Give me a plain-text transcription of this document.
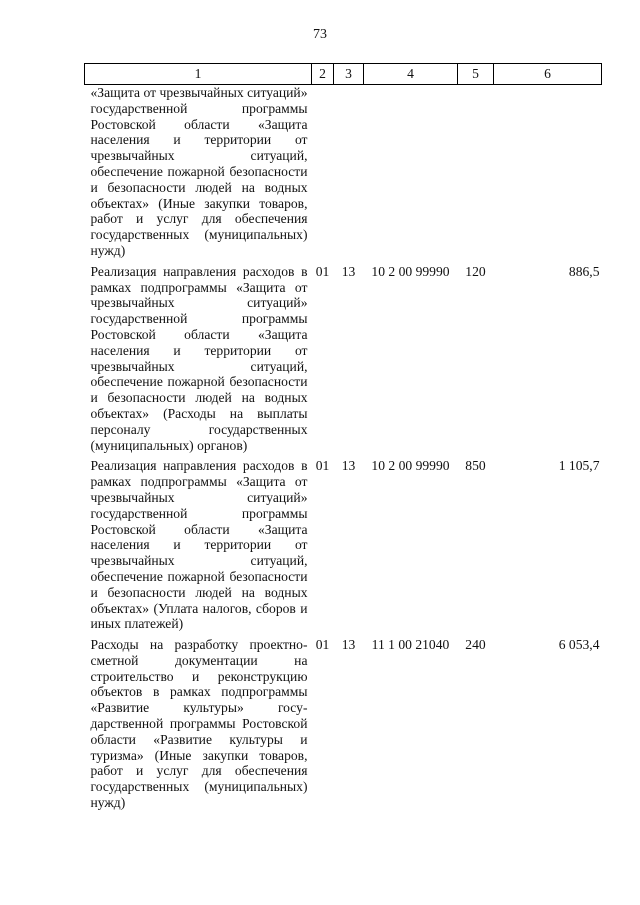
73
1	2	3	4	5	6
«Защита от чрезвычайных ситуаций» государственной программы Ростовской области «Защита населения и территории от чрезвычайных ситуаций, обеспечение пожарной безопасности и безопасности людей на водных объектах» (Иные закупки товаров, работ и услуг для обеспечения государственных (муниципальных) нужд)					
Реализация направления расходов в рамках подпрограммы «Защита от чрезвычайных ситуаций» государственной программы Ростовской области «Защита населения и территории от чрезвычайных ситуаций, обеспечение пожарной безопасности и безопасности людей на водных объектах» (Расходы на выплаты персоналу государственных (муниципальных) органов)	01	13	10 2 00 99990	120	886,5
Реализация направления расходов в рамках подпрограммы «Защита от чрезвычайных ситуаций» государственной программы Ростовской области «Защита населения и территории от чрезвычайных ситуаций, обеспечение пожарной безопасности и безопасности людей на водных объектах» (Уплата налогов, сборов и иных платежей)	01	13	10 2 00 99990	850	1 105,7
Расходы на разработку проектно-сметной документации на строительство и реконструкцию объектов в рамках подпрограммы «Развитие культуры» государственной программы Ростовской области «Развитие культуры и туризма» (Иные закупки товаров, работ и услуг для обеспечения государственных (муниципальных) нужд)	01	13	11 1 00 21040	240	6 053,4
